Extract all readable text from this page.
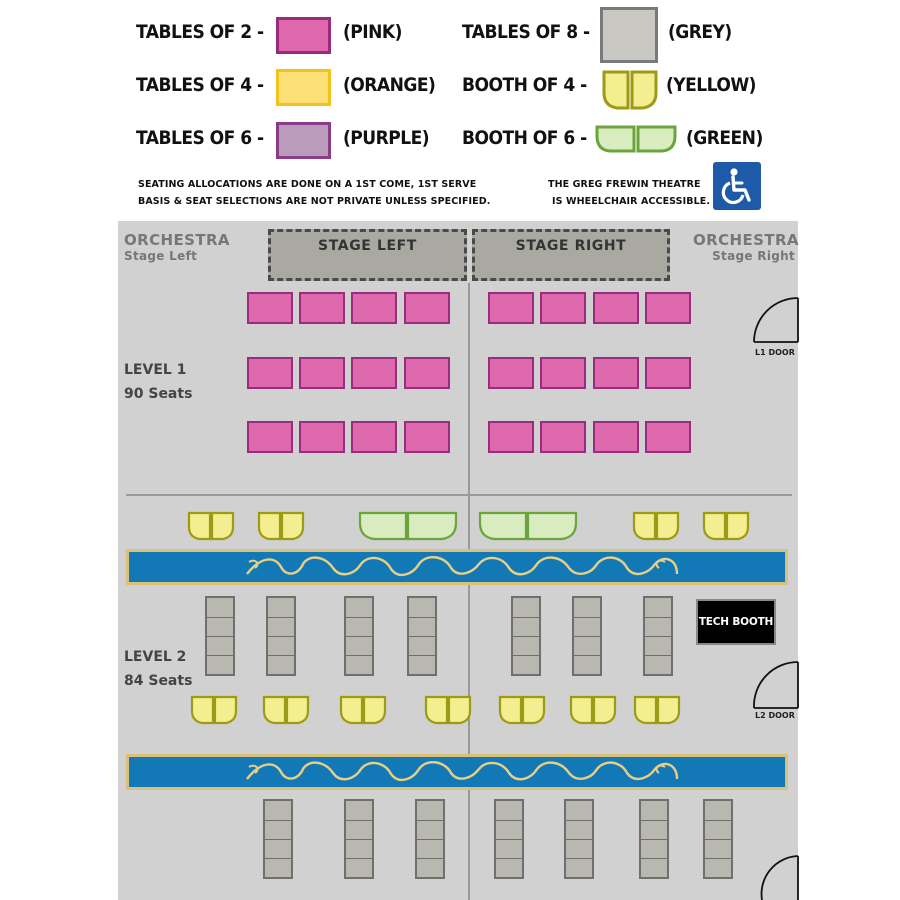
TABLES OF 2 -	(PINK)
TABLES OF 4 -	(ORANGE)
TABLES OF 6 -	(PURPLE)
TABLES OF 8 -	(GREY)
BOOTH OF 4 -	(YELLOW)
BOOTH OF 6 -	(GREEN)
SEATING ALLOCATIONS ARE DONE ON A 1ST COME, 1ST SERVE
BASIS & SEAT SELECTIONS ARE NOT PRIVATE UNLESS SPECIFIED.
THE GREG FREWIN THEATRE
IS WHEELCHAIR ACCESSIBLE.
ORCHESTRA
Stage Left
ORCHESTRA
Stage Right
STAGE LEFT	STAGE RIGHT
LEVEL 1
90 Seats
LEVEL 2
84 Seats
TECH BOOTH
L1 DOOR
L2 DOOR
